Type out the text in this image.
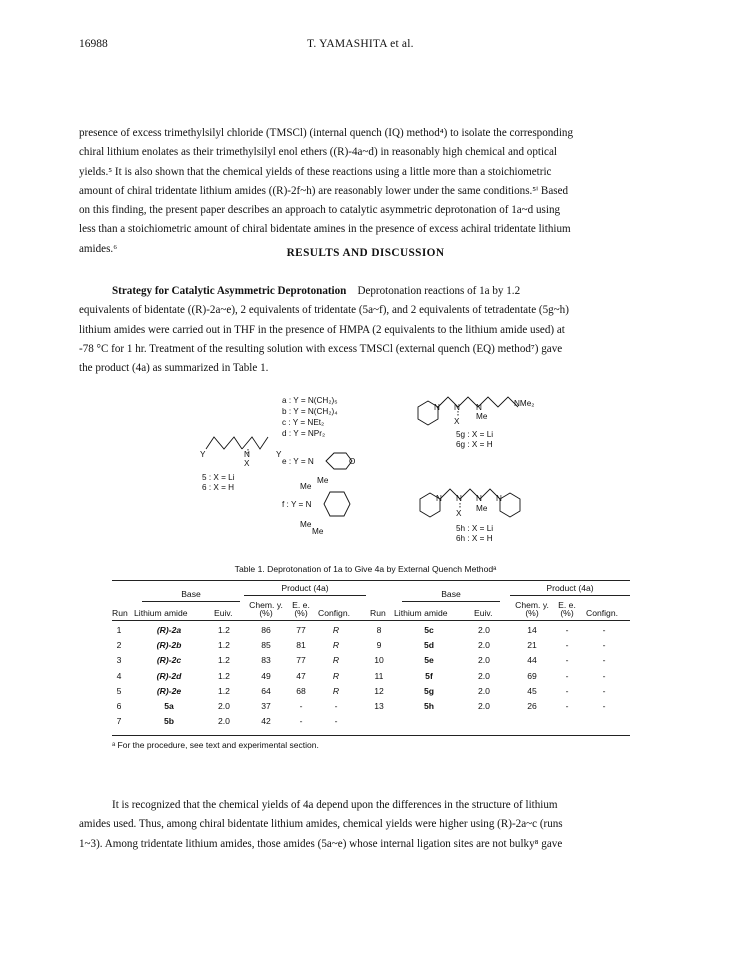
16988	T. YAMASHITA et al.

presence of excess trimethylsilyl chloride (TMSCl) (internal quench (IQ) method⁴) to isolate the corresponding

chiral lithium enolates as their trimethylsilyl enol ethers ((R)-4a~d) in reasonably high chemical and optical

yields.⁵ It is also shown that the chemical yields of these reactions using a little more than a stoichiometric

amount of chiral tridentate lithium amides ((R)-2f~h) are reasonably lower under the same conditions.⁵ⁱ Based

on this finding, the present paper describes an approach to catalytic asymmetric deprotonation of 1a~d using

less than a stoichiometric amount of chiral bidentate amines in the presence of excess achiral tridentate lithium

amides.⁶	RESULTS AND DISCUSSION

Strategy for Catalytic Asymmetric Deprotonation Deprotonation reactions of 1a by 1.2

equivalents of bidentate ((R)-2a~e), 2 equivalents of tridentate (5a~f), and 2 equivalents of tetradentate (5g~h)

lithium amides were carried out in THF in the presence of HMPA (2 equivalents to the lithium amide used) at

-78 °C for 1 hr. Treatment of the resulting solution with excess TMSCl (external quench (EQ) method⁷) gave

the product (4a) as summarized in Table 1.

Y	N	Y
X
5 : X = Li
6 : X = H
a : Y = N(CH₂)₅
b : Y = N(CH₂)₄
c : Y = NEt₂
d : Y = NPr₂
e : Y = N	O
Me
Me
f : Y = N
Me
Me
N N
X
N
Me
NMe₂
5g : X = Li
6g : X = H
N N
X
N
Me
N
5h : X = Li
6h : X = H
Table 1. Deprotonation of 1a to Give 4a by External Quench Methodᵃ
Base
Product (4a)
Base
Product (4a)
Chem. y.	E. e.	Chem. y.	E. e.
Run Lithium amide	Euiv.	(%)	(%)	Confign. Run Lithium amide	Euiv.	(%)	(%)	Confign.
1	(R)-2a	1.2	86	77	R
2	(R)-2b	1.2	85	81	R
3	(R)-2c	1.2	83	77	R
4	(R)-2d	1.2	49	47	R
5	(R)-2e	1.2	64	68	R
6	5a	2.0	37	-	-
7	5b	2.0	42	-	-
8	5c	2.0	14	-	-
9	5d	2.0	21	-	-
10	5e	2.0	44	-	-
11	5f	2.0	69	-	-
12	5g	2.0	45	-	-
13	5h	2.0	26	-	-
ᵃ For the procedure, see text and experimental section.

It is recognized that the chemical yields of 4a depend upon the differences in the structure of lithium

amides used. Thus, among chiral bidentate lithium amides, chemical yields were higher using (R)-2a~c (runs

1~3). Among tridentate lithium amides, those amides (5a~e) whose internal ligation sites are not bulky⁸ gave
